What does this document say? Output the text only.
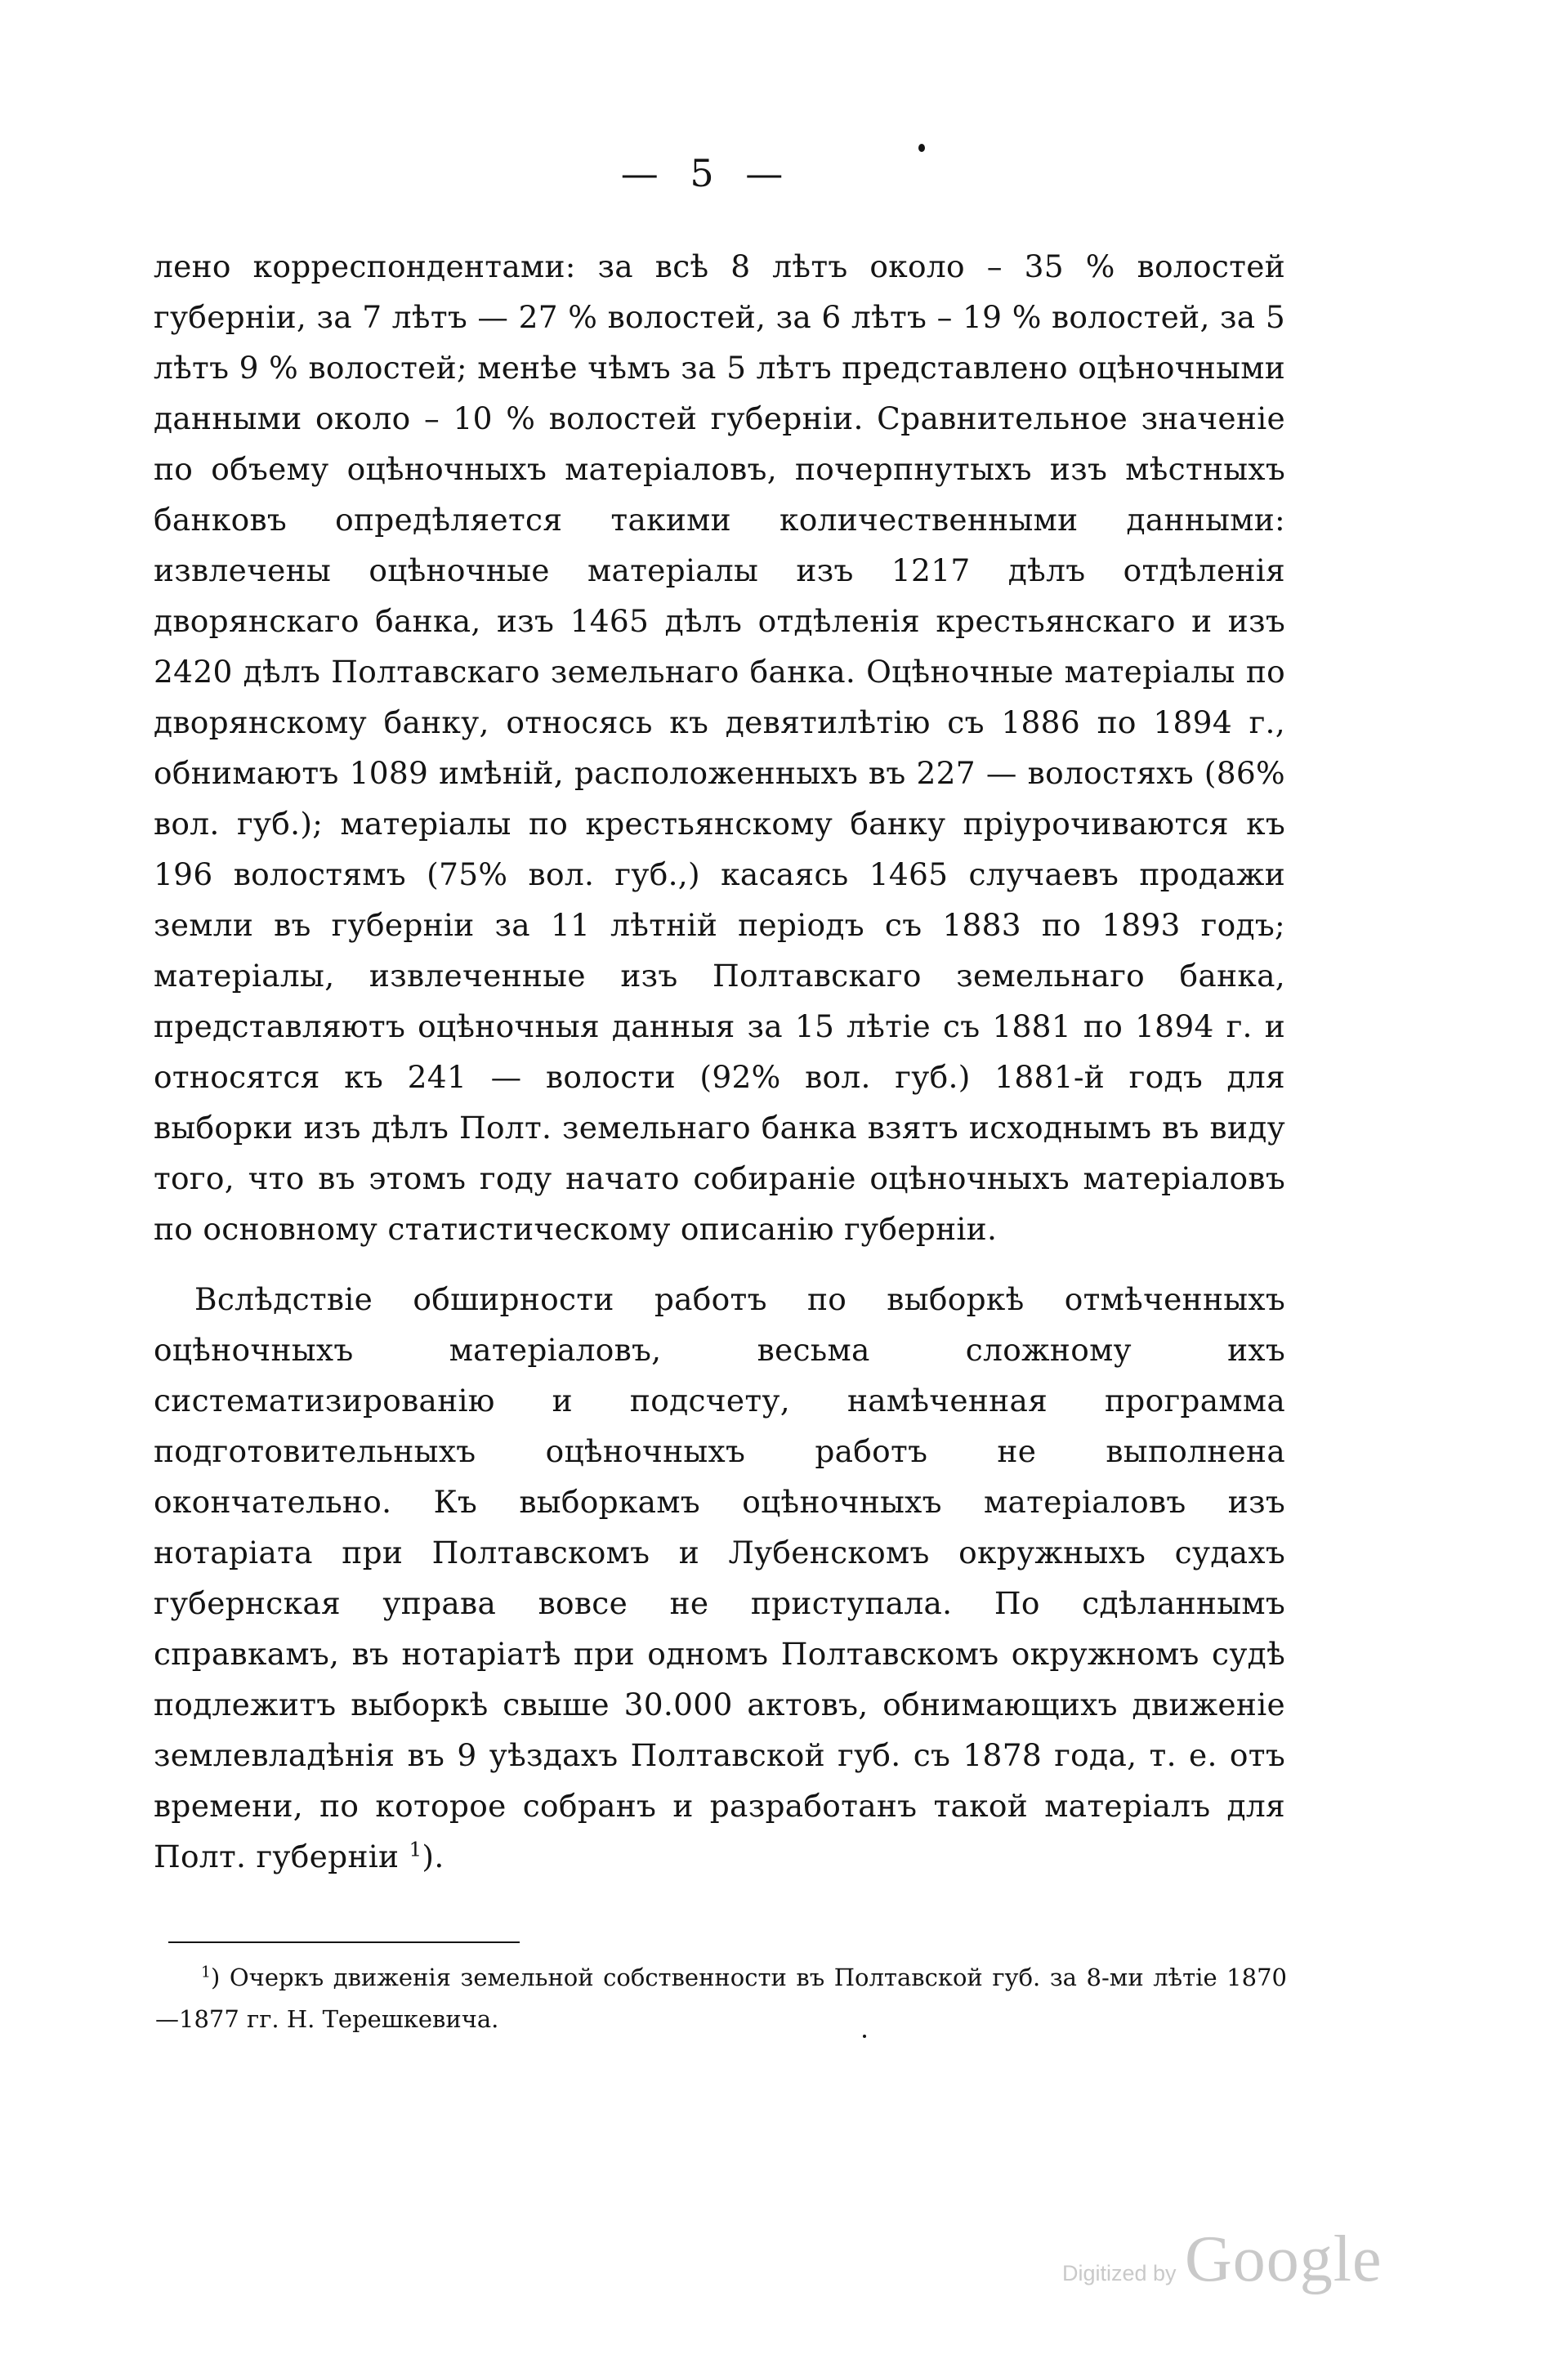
— 5 —

лено корреспондентами: за всѣ 8 лѣтъ около – 35 % волостей губерніи, за 7 лѣтъ — 27 % волостей, за 6 лѣтъ – 19 % волостей, за 5 лѣтъ 9 % волостей; менѣе чѣмъ за 5 лѣтъ представлено оцѣночными данными около – 10 % волостей губерніи. Сравнительное значеніе по объему оцѣночныхъ матеріаловъ, почерпнутыхъ изъ мѣстныхъ банковъ опредѣляется такими количественными данными: извлечены оцѣночные матеріалы изъ 1217 дѣлъ отдѣленія дворянскаго банка, изъ 1465 дѣлъ отдѣленія крестьянскаго и изъ 2420 дѣлъ Полтавскаго земельнаго банка. Оцѣночные матеріалы по дворянскому банку, относясь къ девятилѣтію съ 1886 по 1894 г., обнимаютъ 1089 имѣній, расположенныхъ въ 227 — волостяхъ (86% вол. губ.); матеріалы по крестьянскому банку пріурочиваются къ 196 волостямъ (75% вол. губ.,) касаясь 1465 случаевъ продажи земли въ губерніи за 11 лѣтній періодъ съ 1883 по 1893 годъ; матеріалы, извлеченные изъ Полтавскаго земельнаго банка, представляютъ оцѣночныя данныя за 15 лѣтіе съ 1881 по 1894 г. и относятся къ 241 — волости (92% вол. губ.) 1881-й годъ для выборки изъ дѣлъ Полт. земельнаго банка взятъ исходнымъ въ виду того, что въ этомъ году начато собираніе оцѣночныхъ матеріаловъ по основному статистическому описанію губерніи.

Вслѣдствіе обширности работъ по выборкѣ отмѣченныхъ оцѣночныхъ матеріаловъ, весьма сложному ихъ систематизированію и подсчету, намѣченная программа подготовительныхъ оцѣночныхъ работъ не выполнена окончательно. Къ выборкамъ оцѣночныхъ матеріаловъ изъ нотаріата при Полтавскомъ и Лубенскомъ окружныхъ судахъ губернская управа вовсе не приступала. По сдѣланнымъ справкамъ, въ нотаріатѣ при одномъ Полтавскомъ окружномъ судѣ подлежитъ выборкѣ свыше 30.000 актовъ, обнимающихъ движеніе землевладѣнія въ 9 уѣздахъ Полтавской губ. съ 1878 года, т. е. отъ времени, по которое собранъ и разработанъ такой матеріалъ для Полт. губерніи $^1$).

$^1$) Очеркъ движенія земельной собственности въ Полтавской губ. за 8-ми лѣтіе 1870—1877 гг. Н. Терешкевича.
Digitized by Google
